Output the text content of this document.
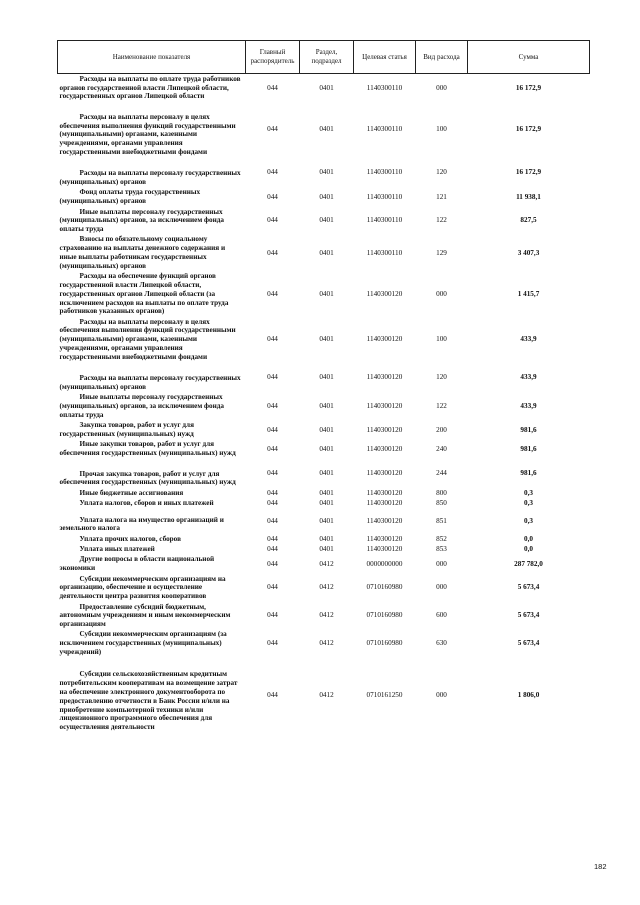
Наименование показателя	Главный распорядитель	Раздел, подраздел	Целевая статья	Вид расхода	Сумма

Расходы на выплаты по оплате труда работников органов государственной власти Липецкой области, государственных органов Липецкой области	044	0401	1140300110	000	16 172,9

Расходы на выплаты персоналу в целях обеспечения выполнения функций государственными (муниципальными) органами, казенными учреждениями, органами управления государственными внебюджетными фондами	044	0401	1140300110	100	16 172,9

Расходы на выплаты персоналу государственных (муниципальных) органов	044	0401	1140300110	120	16 172,9

Фонд оплаты труда государственных (муниципальных) органов	044	0401	1140300110	121	11 938,1

Иные выплаты персоналу государственных (муниципальных) органов, за исключением фонда оплаты труда	044	0401	1140300110	122	827,5

Взносы по обязательному социальному страхованию на выплаты денежного содержания и иные выплаты работникам государственных (муниципальных) органов	044	0401	1140300110	129	3 407,3

Расходы на обеспечение функций органов государственной власти Липецкой области, государственных органов Липецкой области (за исключением расходов на выплаты по оплате труда работников указанных органов)	044	0401	1140300120	000	1 415,7

Расходы на выплаты персоналу в целях обеспечения выполнения функций государственными (муниципальными) органами, казенными учреждениями, органами управления государственными внебюджетными фондами	044	0401	1140300120	100	433,9

Расходы на выплаты персоналу государственных (муниципальных) органов	044	0401	1140300120	120	433,9

Иные выплаты персоналу государственных (муниципальных) органов, за исключением фонда оплаты труда	044	0401	1140300120	122	433,9

Закупка товаров, работ и услуг для государственных (муниципальных) нужд	044	0401	1140300120	200	981,6

Иные закупки товаров, работ и услуг для обеспечения государственных (муниципальных) нужд	044	0401	1140300120	240	981,6

Прочая закупка товаров, работ и услуг для обеспечения государственных (муниципальных) нужд	044	0401	1140300120	244	981,6

Иные бюджетные ассигнования	044	0401	1140300120	800	0,3

Уплата налогов, сборов и иных платежей	044	0401	1140300120	850	0,3

Уплата налога на имущество организаций и земельного налога	044	0401	1140300120	851	0,3

Уплата прочих налогов, сборов	044	0401	1140300120	852	0,0

Уплата иных платежей	044	0401	1140300120	853	0,0

Другие вопросы в области национальной экономики	044	0412	0000000000	000	287 782,0

Субсидии некоммерческим организациям на организацию, обеспечение и осуществление деятельности центра развития кооперативов	044	0412	0710160980	000	5 673,4

Предоставление субсидий бюджетным, автономным учреждениям и иным некоммерческим организациям	044	0412	0710160980	600	5 673,4

Субсидии некоммерческим организациям (за исключением государственных (муниципальных) учреждений)	044	0412	0710160980	630	5 673,4

Субсидии сельскохозяйственным кредитным потребительским кооперативам на возмещение затрат на обеспечение электронного документооборота по предоставлению отчетности в Банк России и/или на приобретение компьютерной техники и/или лицензионного программного обеспечения для осуществления деятельности	044	0412	0710161250	000	1 806,0
182
